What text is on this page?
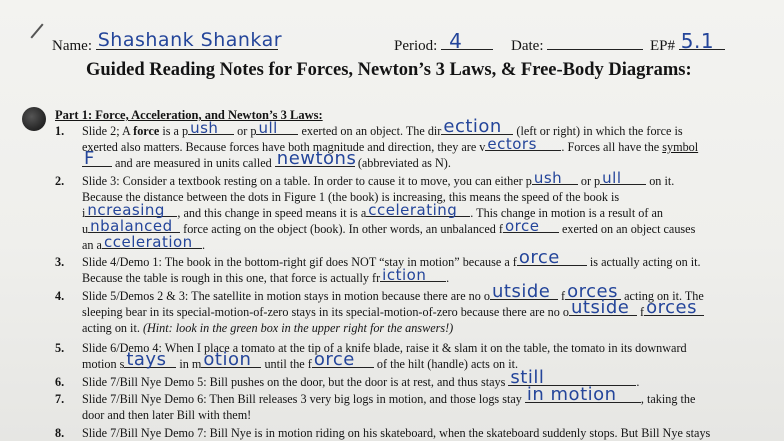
Name: Shashank Shankar	Period: 4	Date:	EP# 5.1
Guided Reading Notes for Forces, Newton’s 3 Laws, & Free-Body Diagrams:
Part 1: Force, Acceleration, and Newton’s 3 Laws:
1. Slide 2; A force is a p ush or p ull exerted on an object. The dir ection (left or right) in which the force is
exerted also matters. Because forces have both magnitude and direction, they are v ectors . Forces all have the symbol
F and are measured in units called newtons
(abbreviated as N).
2. Slide 3: Consider a textbook resting on a table. In order to cause it to move, you can either p ush or p ull on it.
Because the distance between the dots in Figure 1 (the book) is increasing, this means the speed of the book is
i ncreasing , and this change in speed means it is a ccelerating . This change in motion is a result of an
u nbalanced force acting on the object (book). In other words, an unbalanced f orce exerted on an object causes
an a cceleration .
3. Slide 4/Demo 1: The book in the bottom-right gif does NOT “stay in motion” because a f orce is actually acting on it.
Because the table is rough in this one, that force is actually fr iction .
4. Slide 5/Demos 2 & 3: The satellite in motion stays in motion because there are no o utside f orces acting on it. The
sleeping bear in its special-motion-of-zero stays in its special-motion-of-zero because there are no o utside f orces
acting on it. (Hint: look in the green box in the upper right for the answers!)
5. Slide 6/Demo 4: When I place a tomato at the tip of a knife blade, raise it & slam it on the table, the tomato in its downward
motion s tays in m otion until the f orce of the hilt (handle) acts on it.
6. Slide 7/Bill Nye Demo 5: Bill pushes on the door, but the door is at rest, and thus stays still	.
7. Slide 7/Bill Nye Demo 6: Then Bill releases 3 very big logs in motion, and those logs stay in motion , taking the
door and then later Bill with them!
8. Slide 7/Bill Nye Demo 7: Bill Nye is in motion riding on his skateboard, when the skateboard suddenly stops. But Bill Nye stays
